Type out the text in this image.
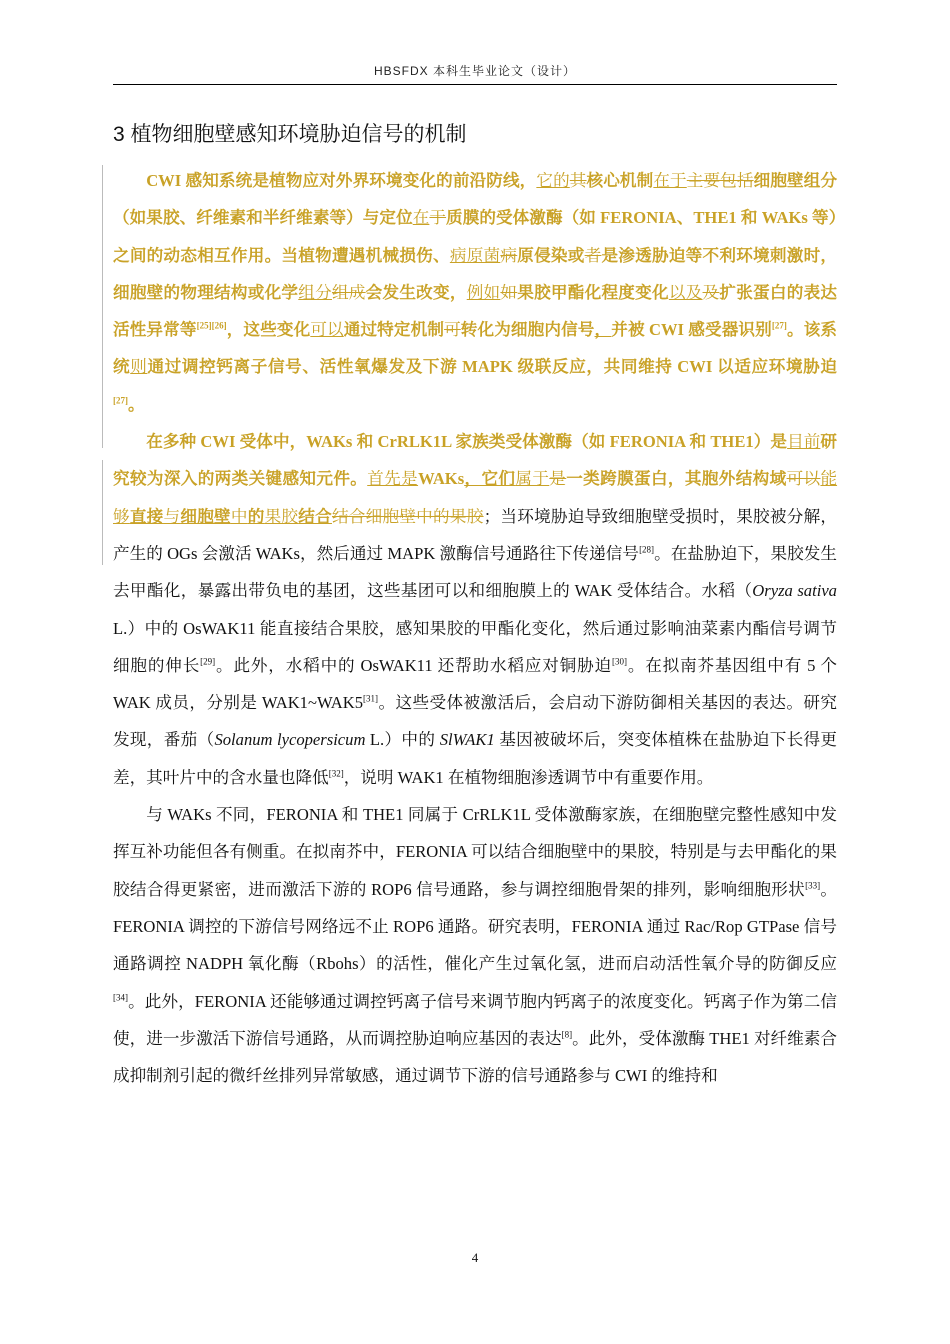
HBSFDX 本科生毕业论文（设计）
3 植物细胞壁感知环境胁迫信号的机制

CWI 感知系统是植物应对外界环境变化的前沿防线，它的其核心机制在于主要包括细胞壁组分（如果胶、纤维素和半纤维素等）与定位在于质膜的受体激酶（如 FERONIA、THE1 和 WAKs 等）之间的动态相互作用。当植物遭遇机械损伤、病原菌病原侵染或者是渗透胁迫等不利环境刺激时，细胞壁的物理结构或化学组分组成会发生改变，例如如果胶甲酯化程度变化以及及扩张蛋白的表达活性异常等[25][26]，这些变化可以通过特定机制可转化为细胞内信号，并被 CWI 感受器识别[27]。该系统则通过调控钙离子信号、活性氧爆发及下游 MAPK 级联反应，共同维持 CWI 以适应环境胁迫[27]。

在多种 CWI 受体中，WAKs 和 CrRLK1L 家族类受体激酶（如 FERONIA 和 THE1）是目前研究较为深入的两类关键感知元件。首先是WAKs，它们属于是一类跨膜蛋白，其胞外结构域可以能够直接与细胞壁中的果胶结合结合细胞壁中的果胶；当环境胁迫导致细胞壁受损时，果胶被分解，产生的 OGs 会激活 WAKs，然后通过 MAPK 激酶信号通路往下传递信号[28]。在盐胁迫下，果胶发生去甲酯化，暴露出带负电的基团，这些基团可以和细胞膜上的 WAK 受体结合。水稻（Oryza sativa L.）中的 OsWAK11 能直接结合果胶，感知果胶的甲酯化变化，然后通过影响油菜素内酯信号调节细胞的伸长[29]。此外，水稻中的 OsWAK11 还帮助水稻应对铜胁迫[30]。在拟南芥基因组中有 5 个 WAK 成员，分别是 WAK1~WAK5[31]。这些受体被激活后，会启动下游防御相关基因的表达。研究发现，番茄（Solanum lycopersicum L.）中的 SlWAK1 基因被破坏后，突变体植株在盐胁迫下长得更差，其叶片中的含水量也降低[32]，说明 WAK1 在植物细胞渗透调节中有重要作用。

与 WAKs 不同，FERONIA 和 THE1 同属于 CrRLK1L 受体激酶家族，在细胞壁完整性感知中发挥互补功能但各有侧重。在拟南芥中，FERONIA 可以结合细胞壁中的果胶，特别是与去甲酯化的果胶结合得更紧密，进而激活下游的 ROP6 信号通路，参与调控细胞骨架的排列，影响细胞形状[33]。FERONIA 调控的下游信号网络远不止 ROP6 通路。研究表明，FERONIA 通过 Rac/Rop GTPase 信号通路调控 NADPH 氧化酶（Rbohs）的活性，催化产生过氧化氢，进而启动活性氧介导的防御反应[34]。此外，FERONIA 还能够通过调控钙离子信号来调节胞内钙离子的浓度变化。钙离子作为第二信使，进一步激活下游信号通路，从而调控胁迫响应基因的表达[8]。此外，受体激酶 THE1 对纤维素合成抑制剂引起的微纤丝排列异常敏感，通过调节下游的信号通路参与 CWI 的维持和

4
